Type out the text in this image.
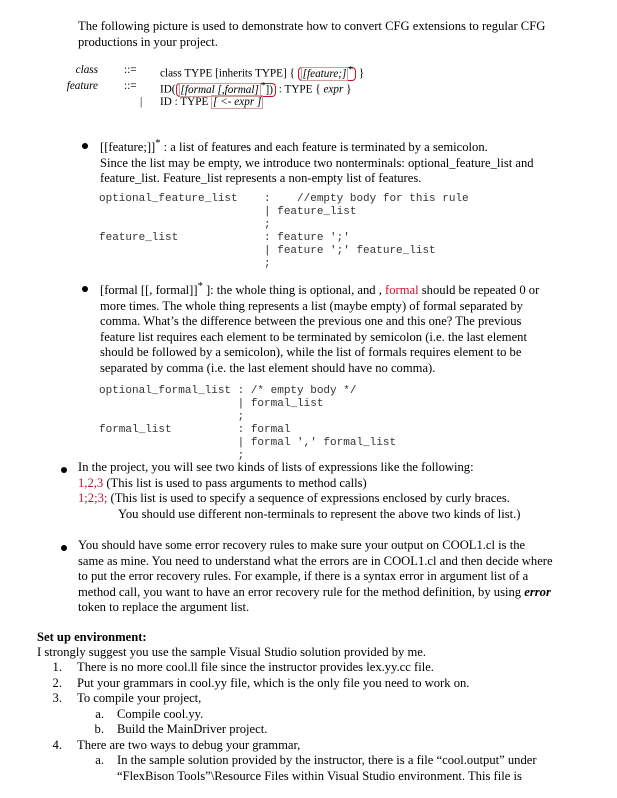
The following picture is used to demonstrate how to convert CFG extensions to regular CFG productions in your project.
class ::= class TYPE [inherits TYPE] { [feature;] * }
feature ::= ID( [formal [,formal] *]) : TYPE { expr }
| ID : TYPE [ <- expr ]
[[feature;]]* : a list of features and each feature is terminated by a semicolon.
Since the list may be empty, we introduce two nonterminals: optional_feature_list and
feature_list. Feature_list represents a non-empty list of features.
optional_feature_list    :    //empty body for this rule
| feature_list
;
feature_list             : feature ';'
| feature ';' feature_list
;
[formal [[, formal]]* ]: the whole thing is optional, and , formal should be repeated 0 or
more times. The whole thing represents a list (maybe empty) of formal separated by
comma. What’s the difference between the previous one and this one? The previous
feature list requires each element to be terminated by semicolon (i.e. the last element
should be followed by a semicolon), while the list of formals requires element to be
separated by comma (i.e. the last element should have no comma).
optional_formal_list : /* empty body */
| formal_list
;
formal_list          : formal
| formal ',' formal_list
;
In the project, you will see two kinds of lists of expressions like the following:
1,2,3 (This list is used to pass arguments to method calls)
1;2;3; (This list is used to specify a sequence of expressions enclosed by curly braces.
You should use different non-terminals to represent the above two kinds of list.)
You should have some error recovery rules to make sure your output on COOL1.cl is the
same as mine. You need to understand what the errors are in COOL1.cl and then decide where
to put the error recovery rules. For example, if there is a syntax error in argument list of a
method call, you want to have an error recovery rule for the method definition, by using error
token to replace the argument list.
Set up environment:
I strongly suggest you use the sample Visual Studio solution provided by me.
1. There is no more cool.ll file since the instructor provides lex.yy.cc file.
2. Put your grammars in cool.yy file, which is the only file you need to work on.
3. To compile your project,
a. Compile cool.yy.
b. Build the MainDriver project.
4. There are two ways to debug your grammar,
a. In the sample solution provided by the instructor, there is a file “cool.output” under
“FlexBison Tools”\Resource Files within Visual Studio environment. This file is
